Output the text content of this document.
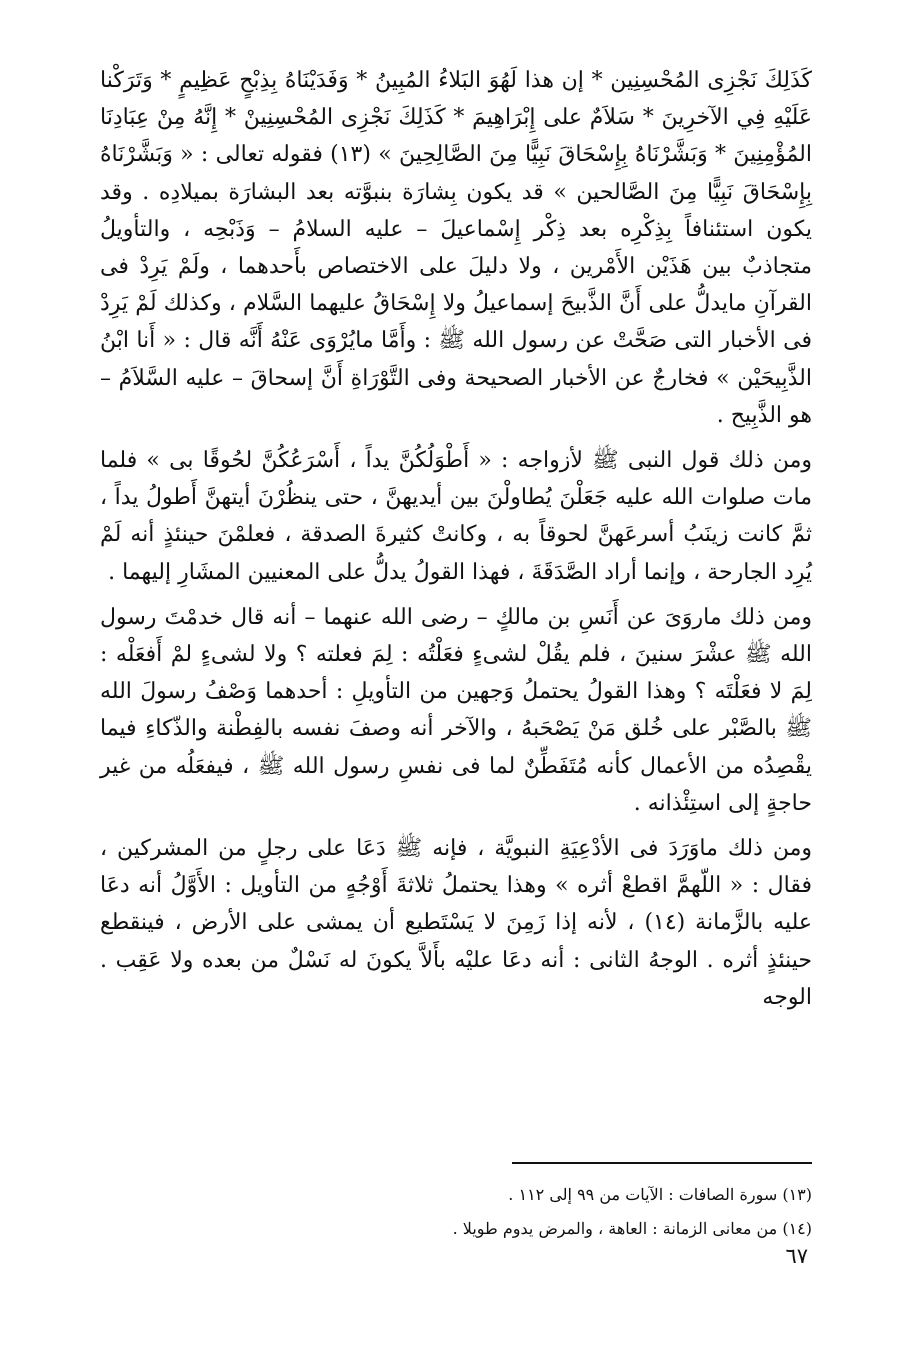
كَذَلِكَ نَجْزِى المُحْسِنِين * إن هذا لَهُوَ البَلاءُ المُبِينُ * وَفَدَيْنَاهُ بِذِبْحٍ عَظِيمٍ * وَتَرَكْنا عَلَيْهِ فِي الآخرِينَ * سَلاَمٌ على إِبْرَاهِيمَ * كَذَلِكَ نَجْزِى المُحْسِنِينْ * إِنَّهُ مِنْ عِبَادِنَا المُؤْمِنِينَ * وَبَشَّرْنَاهُ بِإِسْحَاقَ نَبِيًّا مِنَ الصَّالِحِينَ » (١٣) فقوله تعالى : « وَبَشَّرْنَاهُ بِإِسْحَاقَ نَبِيًّا مِنَ الصَّالحين » قد يكون بِشارَة بنبوَّته بعد البشارَة بميلادِه . وقد يكون استئنافاً بِذِكْرِه بعد ذِكْر إِسْماعيلَ – عليه السلامُ – وَذَبْحِه ، والتأويلُ متجاذبٌ بين هَذَيْن الأَمْرين ، ولا دليلَ على الاختصاص بأَحدهما ، ولَمْ يَرِدْ فى القرآنِ مايدلُّ على أَنَّ الذَّبيحَ إسماعيلُ ولا إِسْحَاقُ عليهما السَّلام ، وكذلك لَمْ يَرِدْ فى الأخبار التى صَحَّتْ عن رسول الله ﷺ : وأَمَّا مايُرْوَى عَنْهُ أَنَّه قال : « أَنا ابْنُ الذَّبِيحَيْن » فخارجٌ عن الأخبار الصحيحة وفى التَّوْرَاةِ أَنَّ إسحاقَ – عليه السَّلاَمُ – هو الذَّبِيح .

ومن ذلك قول النبى ﷺ لأزواجه : « أَطْوَلُكُنَّ يداً ، أَسْرَعُكُنَّ لحُوقًا بى » فلما مات صلوات الله عليه جَعَلْنَ يُطاولْنَ بين أيديهنَّ ، حتى ينظُرْنَ أيتهنَّ أَطولُ يداً ، ثمَّ كانت زينَبُ أسرعَهنَّ لحوقاً به ، وكانتْ كثيرةَ الصدقة ، فعلمْنَ حينئذٍ أنه لَمْ يُرِد الجارحة ، وإنما أراد الصَّدَقَةَ ، فهذا القولُ يدلُّ على المعنيين المشَارِ إليهما .

ومن ذلك ماروَىَ عن أَنَسِ بن مالكٍ – رضى الله عنهما – أنه قال خدمْتَ رسول الله ﷺ عشْرَ سنينَ ، فلم يقُلْ لشىءٍ فعَلْتُه : لِمَ فعلته ؟ ولا لشىءٍ لمْ أَفعَلْه : لِمَ لا فعَلْتَه ؟ وهذا القولُ يحتملُ وَجهين من التأويلِ : أحدهما وَصْفُ رسولَ الله ﷺ بالصَّبْر على خُلق مَنْ يَصْحَبهُ ، والآخر أنه وصفَ نفسه بالفِطْنة والذّكاءِ فيما يقْصِدُه من الأعمال كأنه مُتَفَطِّنٌ لما فى نفسِ رسول الله ﷺ ، فيفعَلُه من غير حاجةٍ إلى استِئْذانه .

ومن ذلك ماوَرَدَ فى الأدْعِيَةِ النبويَّة ، فإنه ﷺ دَعَا على رجلٍ من المشركين ، فقال : « اللّهمَّ اقطعْ أثره » وهذا يحتملُ ثلاثةَ أَوْجُهٍ من التأويل : الأَوَّلُ أنه دعَا عليه بالزَّمانة (١٤) ، لأنه إذا زَمِنَ لا يَسْتَطيع أن يمشى على الأرض ، فينقطع حينئذٍ أثره . الوجهُ الثانى : أنه دعَا عليْه بأَلاَّ يكونَ له نَسْلٌ من بعده ولا عَقِب . الوجه

(١٣) سورة الصافات : الآيات من ٩٩ إلى ١١٢ .

(١٤) من معانى الزمانة : العاهة ، والمرض يدوم طويلا .

٦٧
